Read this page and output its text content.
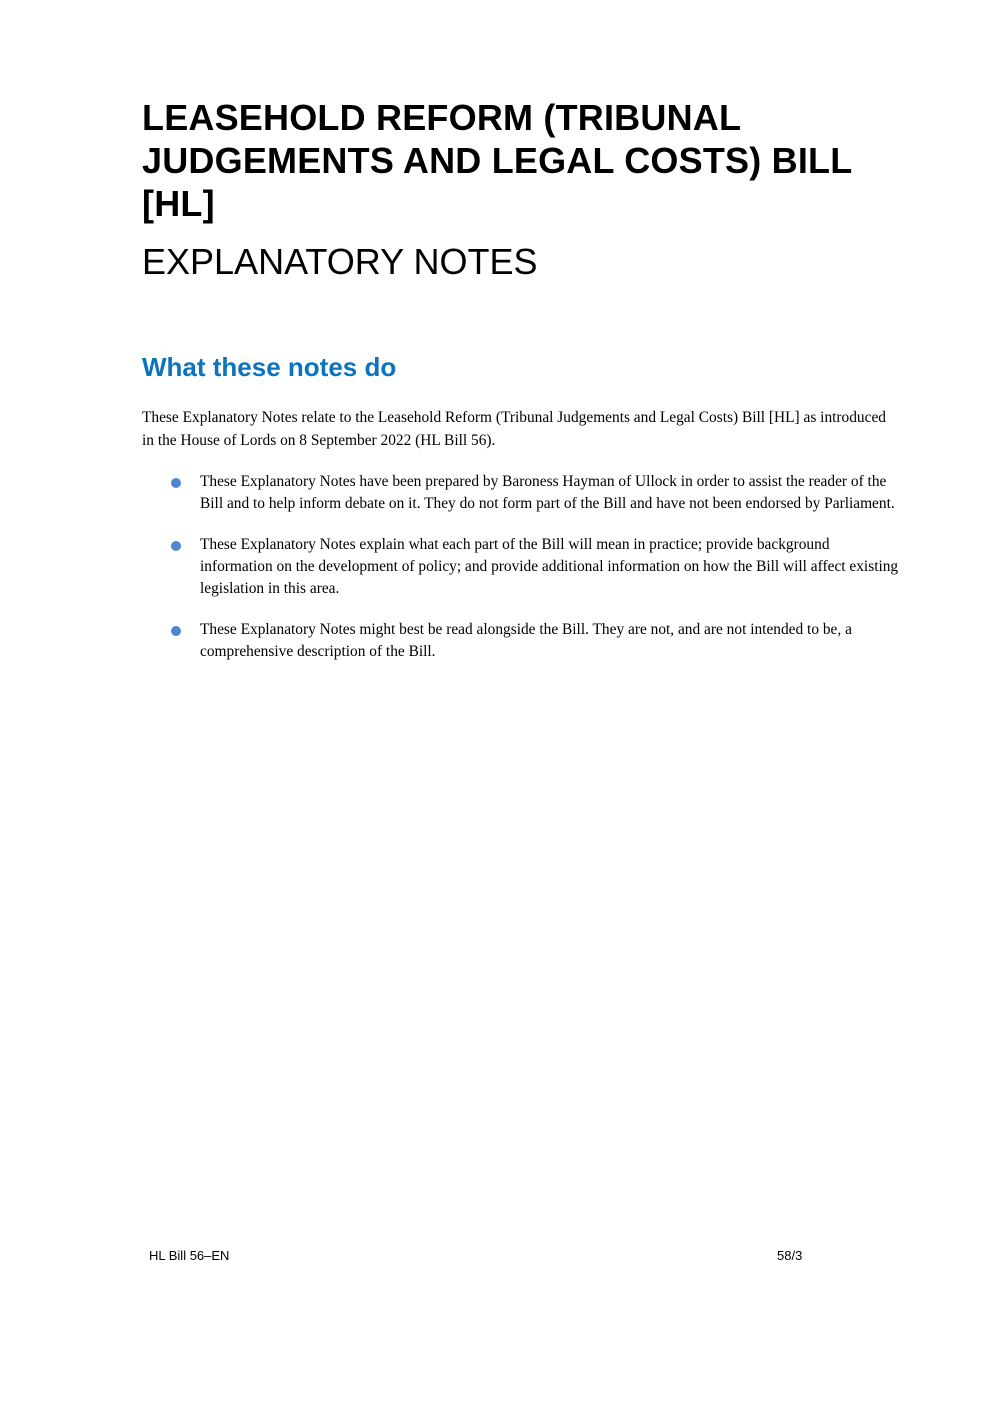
LEASEHOLD REFORM (TRIBUNAL JUDGEMENTS AND LEGAL COSTS) BILL [HL]
EXPLANATORY NOTES
What these notes do

These Explanatory Notes relate to the Leasehold Reform (Tribunal Judgements and Legal Costs) Bill [HL] as introduced in the House of Lords on 8 September 2022 (HL Bill 56).

These Explanatory Notes have been prepared by Baroness Hayman of Ullock in order to assist the reader of the Bill and to help inform debate on it. They do not form part of the Bill and have not been endorsed by Parliament.
These Explanatory Notes explain what each part of the Bill will mean in practice; provide background information on the development of policy; and provide additional information on how the Bill will affect existing legislation in this area.
These Explanatory Notes might best be read alongside the Bill. They are not, and are not intended to be, a comprehensive description of the Bill.
HL Bill 56–EN	58/3
